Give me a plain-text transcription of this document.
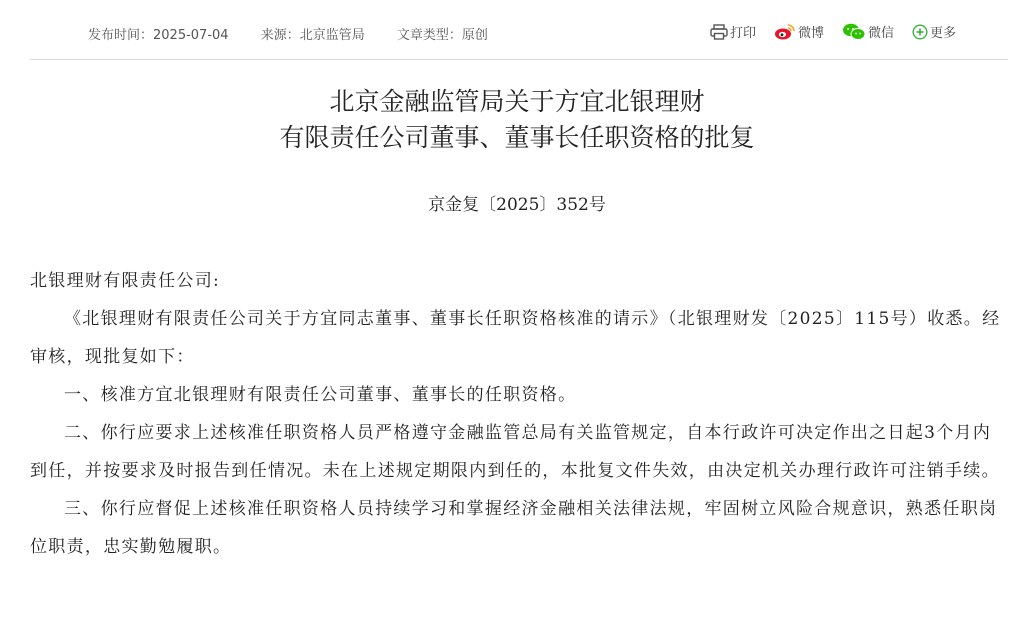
发布时间：2025-07-04 来源：北京监管局 文章类型：原创	打印	微博	微信	更多
北京金融监管局关于方宜北银理财
有限责任公司董事、董事长任职资格的批复
京金复〔2025〕352号

北银理财有限责任公司:

《北银理财有限责任公司关于方宜同志董事、董事长任职资格核准的请示》（北银理财发〔2025〕115号）收悉。经审核，现批复如下：

一、核准方宜北银理财有限责任公司董事、董事长的任职资格。

二、你行应要求上述核准任职资格人员严格遵守金融监管总局有关监管规定，自本行政许可决定作出之日起3个月内到任，并按要求及时报告到任情况。未在上述规定期限内到任的，本批复文件失效，由决定机关办理行政许可注销手续。

三、你行应督促上述核准任职资格人员持续学习和掌握经济金融相关法律法规，牢固树立风险合规意识，熟悉任职岗位职责，忠实勤勉履职。
